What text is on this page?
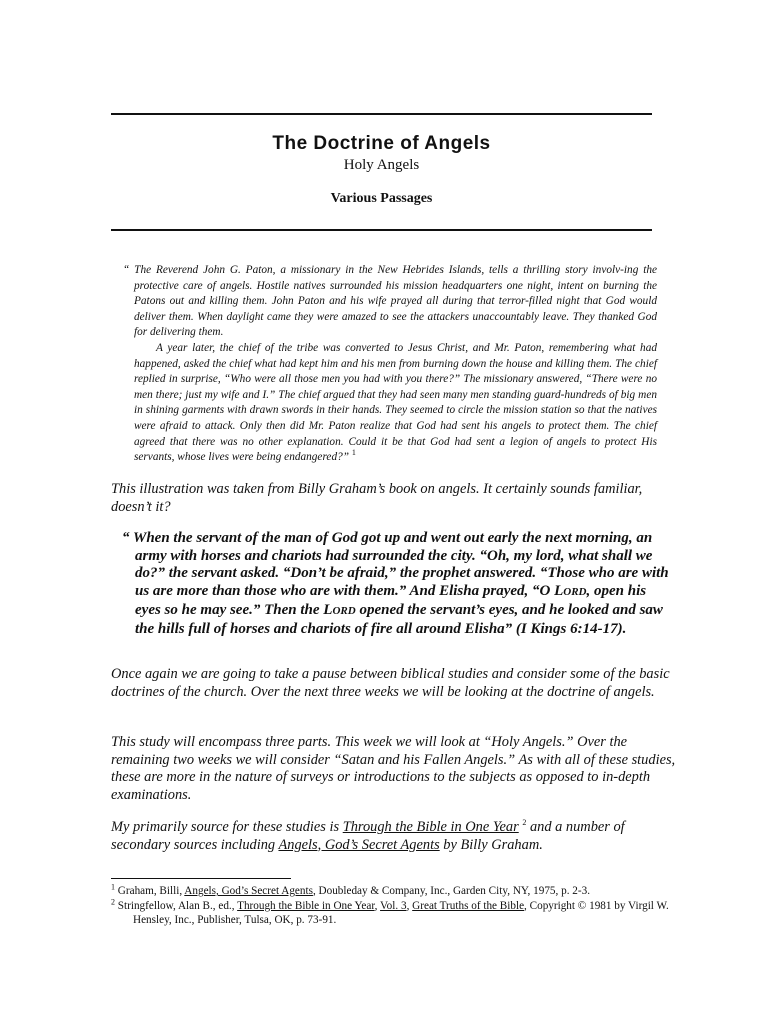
The Doctrine of Angels
Holy Angels
Various Passages

“ The Reverend John G. Paton, a missionary in the New Hebrides Islands, tells a thrilling story involv-ing the protective care of angels. Hostile natives surrounded his mission headquarters one night, intent on burning the Patons out and killing them. John Paton and his wife prayed all during that terror-filled night that God would deliver them. When daylight came they were amazed to see the attackers unaccountably leave. They thanked God for delivering them.

A year later, the chief of the tribe was converted to Jesus Christ, and Mr. Paton, remembering what had happened, asked the chief what had kept him and his men from burning down the house and killing them. The chief replied in surprise, “Who were all those men you had with you there?” The missionary answered, “There were no men there; just my wife and I.” The chief argued that they had seen many men standing guard-hundreds of big men in shining garments with drawn swords in their hands. They seemed to circle the mission station so that the natives were afraid to attack. Only then did Mr. Paton realize that God had sent his angels to protect them. The chief agreed that there was no other explanation. Could it be that God had sent a legion of angels to protect His servants, whose lives were being endangered?” $^1$

This illustration was taken from Billy Graham’s book on angels. It certainly sounds familiar, doesn’t it?
“ When the servant of the man of God got up and went out early the next morning, an army with horses and chariots had surrounded the city. “Oh, my lord, what shall we do?” the servant asked. “Don’t be afraid,” the prophet answered. “Those who are with us are more than those who are with them.” And Elisha prayed, “O LORD, open his eyes so he may see.” Then the LORD opened the servant’s eyes, and he looked and saw the hills full of horses and chariots of fire all around Elisha” (I Kings 6:14-17).
Once again we are going to take a pause between biblical studies and consider some of the basic doctrines of the church. Over the next three weeks we will be looking at the doctrine of angels.
This study will encompass three parts. This week we will look at “Holy Angels.” Over the remaining two weeks we will consider “Satan and his Fallen Angels.” As with all of these studies, these are more in the nature of surveys or introductions to the subjects as opposed to in-depth examinations.
My primarily source for these studies is Through the Bible in One Year $^2$ and a number of secondary sources including Angels, God’s Secret Agents by Billy Graham.

$^1$ Graham, Billi, Angels, God’s Secret Agents, Doubleday & Company, Inc., Garden City, NY, 1975, p. 2-3.

$^2$ Stringfellow, Alan B., ed., Through the Bible in One Year, Vol. 3, Great Truths of the Bible, Copyright © 1981 by Virgil W. Hensley, Inc., Publisher, Tulsa, OK, p. 73-91.
